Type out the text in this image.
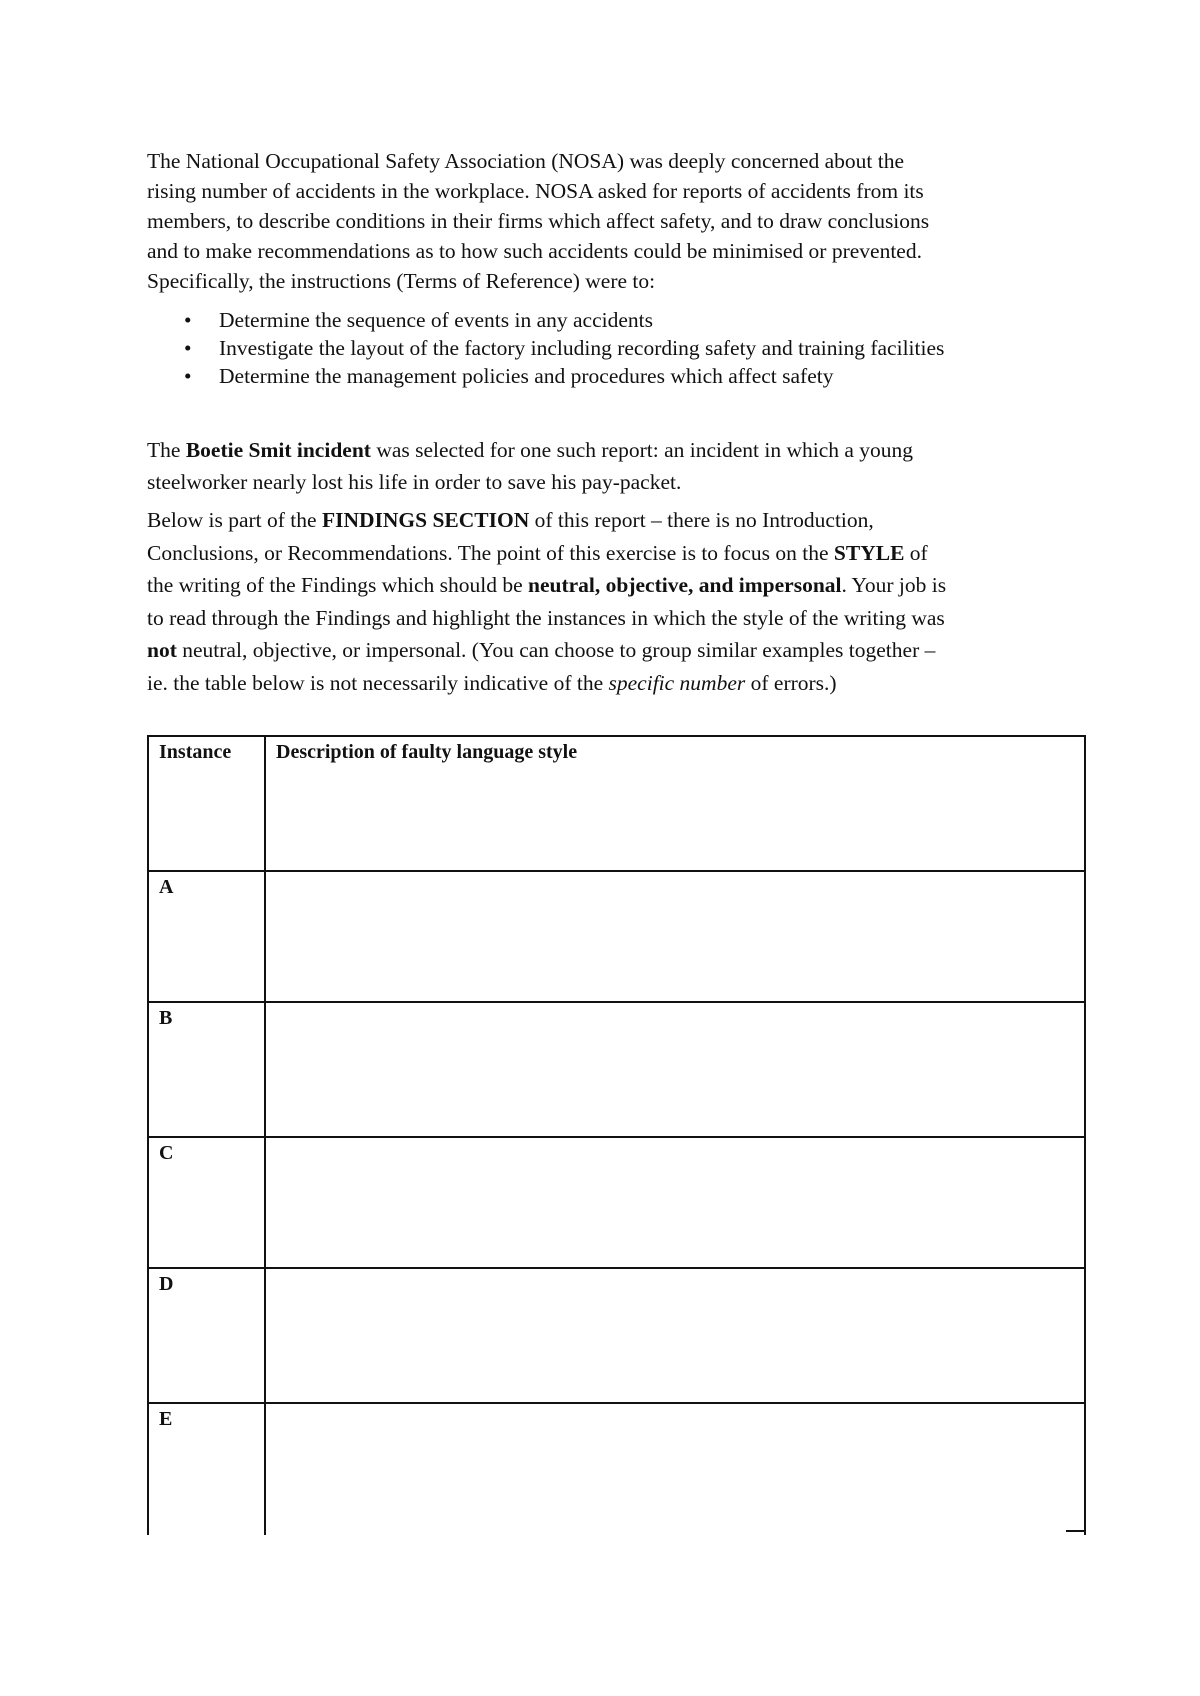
The National Occupational Safety Association (NOSA) was deeply concerned about the
rising number of accidents in the workplace. NOSA asked for reports of accidents from its
members, to describe conditions in their firms which affect safety, and to draw conclusions
and to make recommendations as to how such accidents could be minimised or prevented.
Specifically, the instructions (Terms of Reference) were to:

• Determine the sequence of events in any accidents
• Investigate the layout of the factory including recording safety and training facilities
• Determine the management policies and procedures which affect safety

The Boetie Smit incident was selected for one such report: an incident in which a young
steelworker nearly lost his life in order to save his pay-packet.

Below is part of the FINDINGS SECTION of this report – there is no Introduction,
Conclusions, or Recommendations. The point of this exercise is to focus on the STYLE of
the writing of the Findings which should be neutral, objective, and impersonal. Your job is
to read through the Findings and highlight the instances in which the style of the writing was
not neutral, objective, or impersonal. (You can choose to group similar examples together –
ie. the table below is not necessarily indicative of the specific number of errors.)

Instance	Description of faulty language style
A	
B	
C	
D	
E	
